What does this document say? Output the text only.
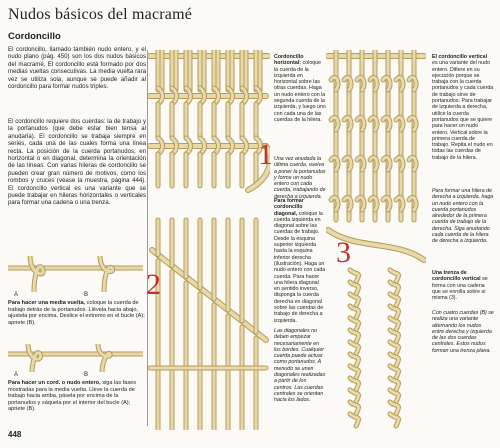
Nudos básicos del macramé
Cordoncillo

El cordoncillo, llamado también nudo entero, y el nudo plano (pág. 450) son los dos nudos básicos del macramé. El cordoncillo está formado por dos medias vueltas consecutivas. La media vuelta rara vez se utiliza sola, aunque se puede añadir al cordoncillo para formar nudos triples.

El cordoncillo requiere dos cuerdas: la de trabajo y la portanudos (que debe estar bien tensa al anudarla). El cordoncillo se trabaja siempre en series, cada una de las cuales forma una línea recta. La posición de la cuerda portanudos, en horizontal o en diagonal, determina la orientación de las líneas. Con varias hileras de cordoncillo se pueden crear gran número de motivos, como los rombos y cruces (véase la muestra, página 444). El cordoncillo vertical es una variante que se puede trabajar en hileras horizontales o verticales para formar una cadena o una trenza.

A	B

Para hacer una media vuelta, coloque la cuerda de trabajo detrás de la portanudos. Llévela hacia abajo, ajustela por encima. Deslice el extremo en el bucle (A); apriete (B).

A	B

Para hacer un cord. o nudo entero, siga las fases mostradas para la media vuelta. Lleve la cuerda de trabajo hacia arriba, pásela por encima de la portanudos y sáquela por el interior del bucle (A); apriete (B).

448
1
2
3

Cordoncillo horizontal: coloque la cuerda de la izquierda en horizontal sobre las otras cuerdas. Haga un nudo entero con la segunda cuerda de la izquierda, y luego uno con cada una de las cuerdas de la hilera.

Una vez anudada la última cuerda, vuelva a poner la portanudos y forme un nudo entero con cada cuerda, trabajando de derecha a izquierda.

Para formar cordoncillo diagonal, coloque la cuerda izquierda en diagonal sobre las cuerdas de trabajo. Desde la esquina superior izquierda hasta la esquina inferior derecha (ilustración). Haga un nudo entero con cada cuerda. Para hacer una hilera diagonal en sentido inverso, disponga la cuerda derecha en diagonal sobre las cuerdas de trabajo de derecha a izquierda.

Las diagonales no deben empezar necesariamente en los bordes. Cualquier cuerda puede actuar como portanudos. A menudo se unen diagonales realizadas a partir de los centros. Las cuerdas centrales se orientan hacia los lados.

El cordoncillo vertical es una variante del nudo entero. Difiere en su ejecución porque se trabaja con la cuerda portanudos y cada cuerda de trabajo sirve de portanudos. Para trabajar de izquierda a derecha, utilice la cuerda portanudos que se quiere para hacer un nudo entero. Vertical sobre la primera cuerda de trabajo. Repita el nudo en todas las cuerdas de trabajo de la hilera.

Para formar una hilera de derecha a izquierda, haga un nudo entero con la cuerda portanudos alrededor de la primera cuerda de trabajo de la derecha. Siga anudando cada cuerda de la hilera de derecha a izquierda.

Una trenza de cordoncillo vertical se forma con una cadena que se enrolla sobre sí misma (3).

Con cuatro cuerdas (B) se realiza una variante alternando los nudos entre derecha y izquierda de las dos cuerdas centrales. Estos nudos forman una trenza plana.
